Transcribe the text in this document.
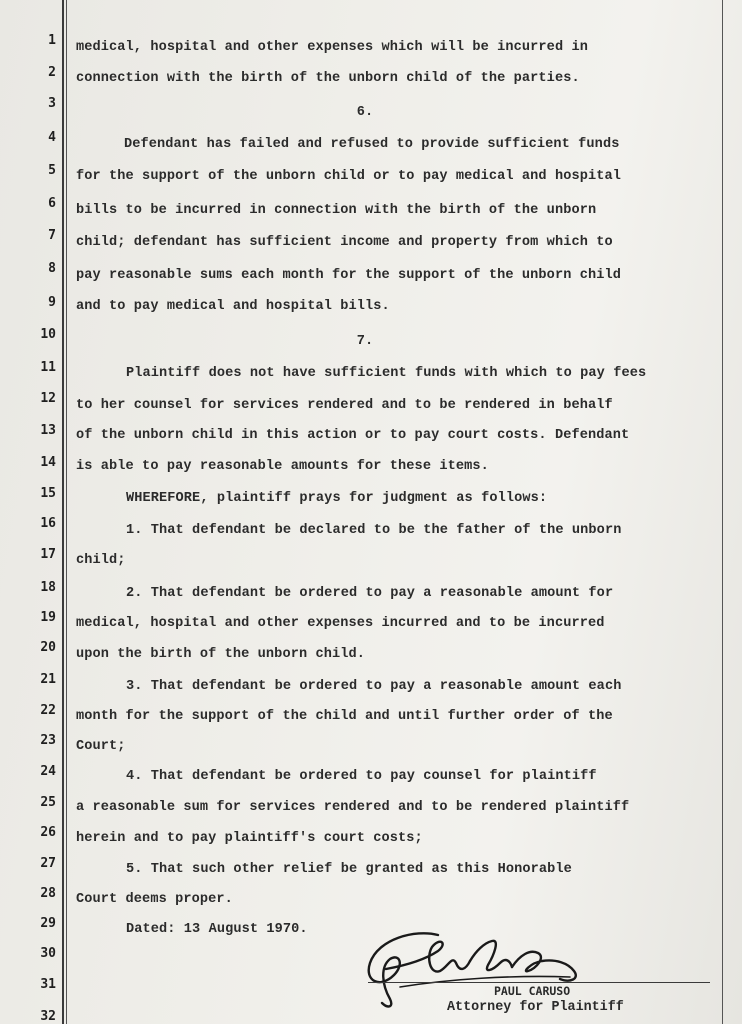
1
2
3
4
5
6
7
8
9
10
11
12
13
14
15
16
17
18
19
20
21
22
23
24
25
26
27
28
29
30
31
32
medical, hospital and other expenses which will be incurred in
connection with the birth of the unborn child of the parties.
6.
Defendant has failed and refused to provide sufficient funds
for the support of the unborn child or to pay medical and hospital
bills to be incurred in connection with the birth of the unborn
child; defendant has sufficient income and property from which to
pay reasonable sums each month for the support of the unborn child
and to pay medical and hospital bills.
7.
Plaintiff does not have sufficient funds with which to pay fees
to her counsel for services rendered and to be rendered in behalf
of the unborn child in this action or to pay court costs. Defendant
is able to pay reasonable amounts for these items.
WHEREFORE, plaintiff prays for judgment as follows:
1. That defendant be declared to be the father of the unborn
child;
2. That defendant be ordered to pay a reasonable amount for
medical, hospital and other expenses incurred and to be incurred
upon the birth of the unborn child.
3. That defendant be ordered to pay a reasonable amount each
month for the support of the child and until further order of the
Court;
4. That defendant be ordered to pay counsel for plaintiff
a reasonable sum for services rendered and to be rendered plaintiff
herein and to pay plaintiff's court costs;
5. That such other relief be granted as this Honorable
Court deems proper.
Dated: 13 August 1970.
PAUL CARUSO
Attorney for Plaintiff
